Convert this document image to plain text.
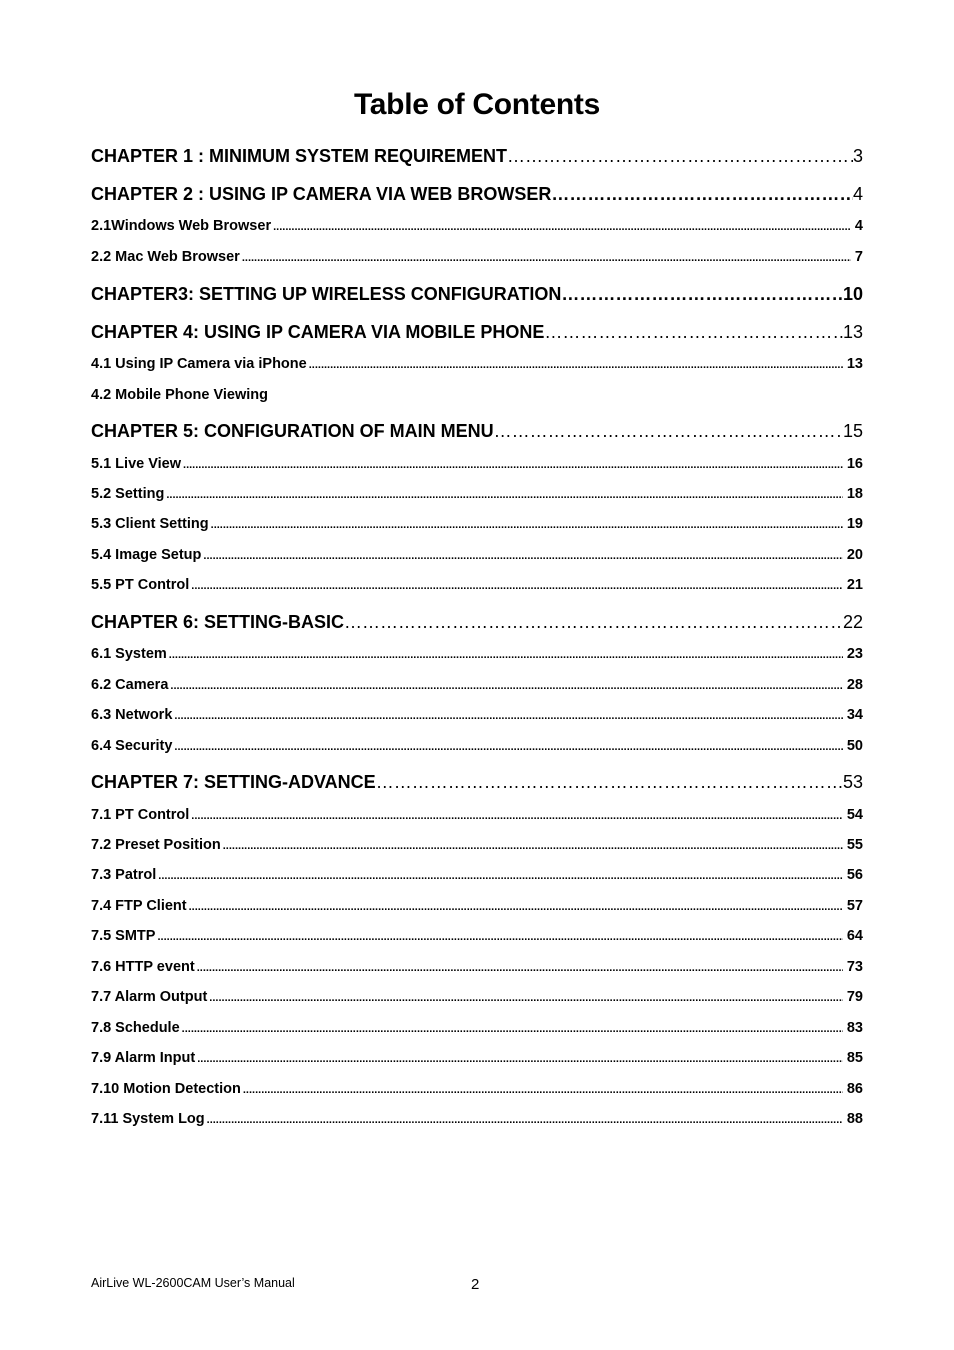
Table of Contents
CHAPTER 1 : MINIMUM SYSTEM REQUIREMENT ……………………………………………………………………………………………………………………………………………………………………………	3
CHAPTER 2 : USING IP CAMERA VIA WEB BROWSER ……………………………………………………………………………………………………………………………………………………………………………	4
2.1Windows Web Browser .....	4
2.2 Mac Web Browser .....	7
CHAPTER3: SETTING UP WIRELESS CONFIGURATION ……………………………………………………………………………………………………………………………………………………………………………	10
CHAPTER 4: USING IP CAMERA VIA MOBILE PHONE ……………………………………………………………………………………………………………………………………………………………………………	13
4.1 Using IP Camera via iPhone .....	13
4.2 Mobile Phone Viewing
CHAPTER 5: CONFIGURATION OF MAIN MENU ……………………………………………………………………………………………………………………………………………………………………………	15
5.1 Live View .....	16
5.2 Setting .....	18
5.3 Client Setting .....	19
5.4 Image Setup .....	20
5.5 PT Control .....	21
CHAPTER 6: SETTING-BASIC ……………………………………………………………………………………………………………………………………………………………………………	22
6.1 System .....	23
6.2 Camera .....	28
6.3 Network .....	34
6.4 Security .....	50
CHAPTER 7: SETTING-ADVANCE ……………………………………………………………………………………………………………………………………………………………………………	53
7.1 PT Control .....	54
7.2 Preset Position .....	55
7.3 Patrol .....	56
7.4 FTP Client .....	57
7.5 SMTP .....	64
7.6 HTTP event .....	73
7.7 Alarm Output .....	79
7.8 Schedule .....	83
7.9 Alarm Input .....	85
7.10 Motion Detection .....	86
7.11 System Log .....	88
AirLive WL-2600CAM User’s Manual	2
